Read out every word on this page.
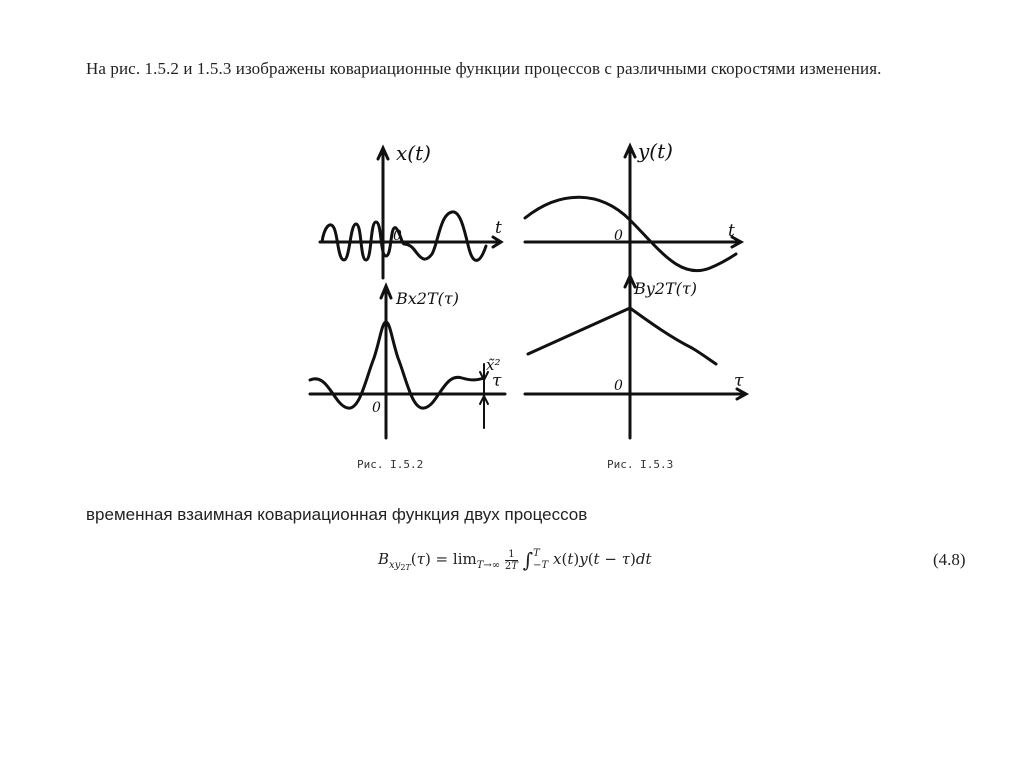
На рис. 1.5.2 и 1.5.3 изображены ковариационные функции процессов с различными скоростями изменения.
x(t)
t
0
y(t)
t
0
Bx2T(τ)
τ
0
x̃²
By2T(τ)
τ
0
Рис. I.5.2	Рис. I.5.3
временная взаимная ковариационная функция двух процессов
$B_{xy2T}(\tau) = \lim_{T\to\infty} \frac{1}{2T}$ ∫ T
−T x(t)y(t − τ)dt	(4.8)
